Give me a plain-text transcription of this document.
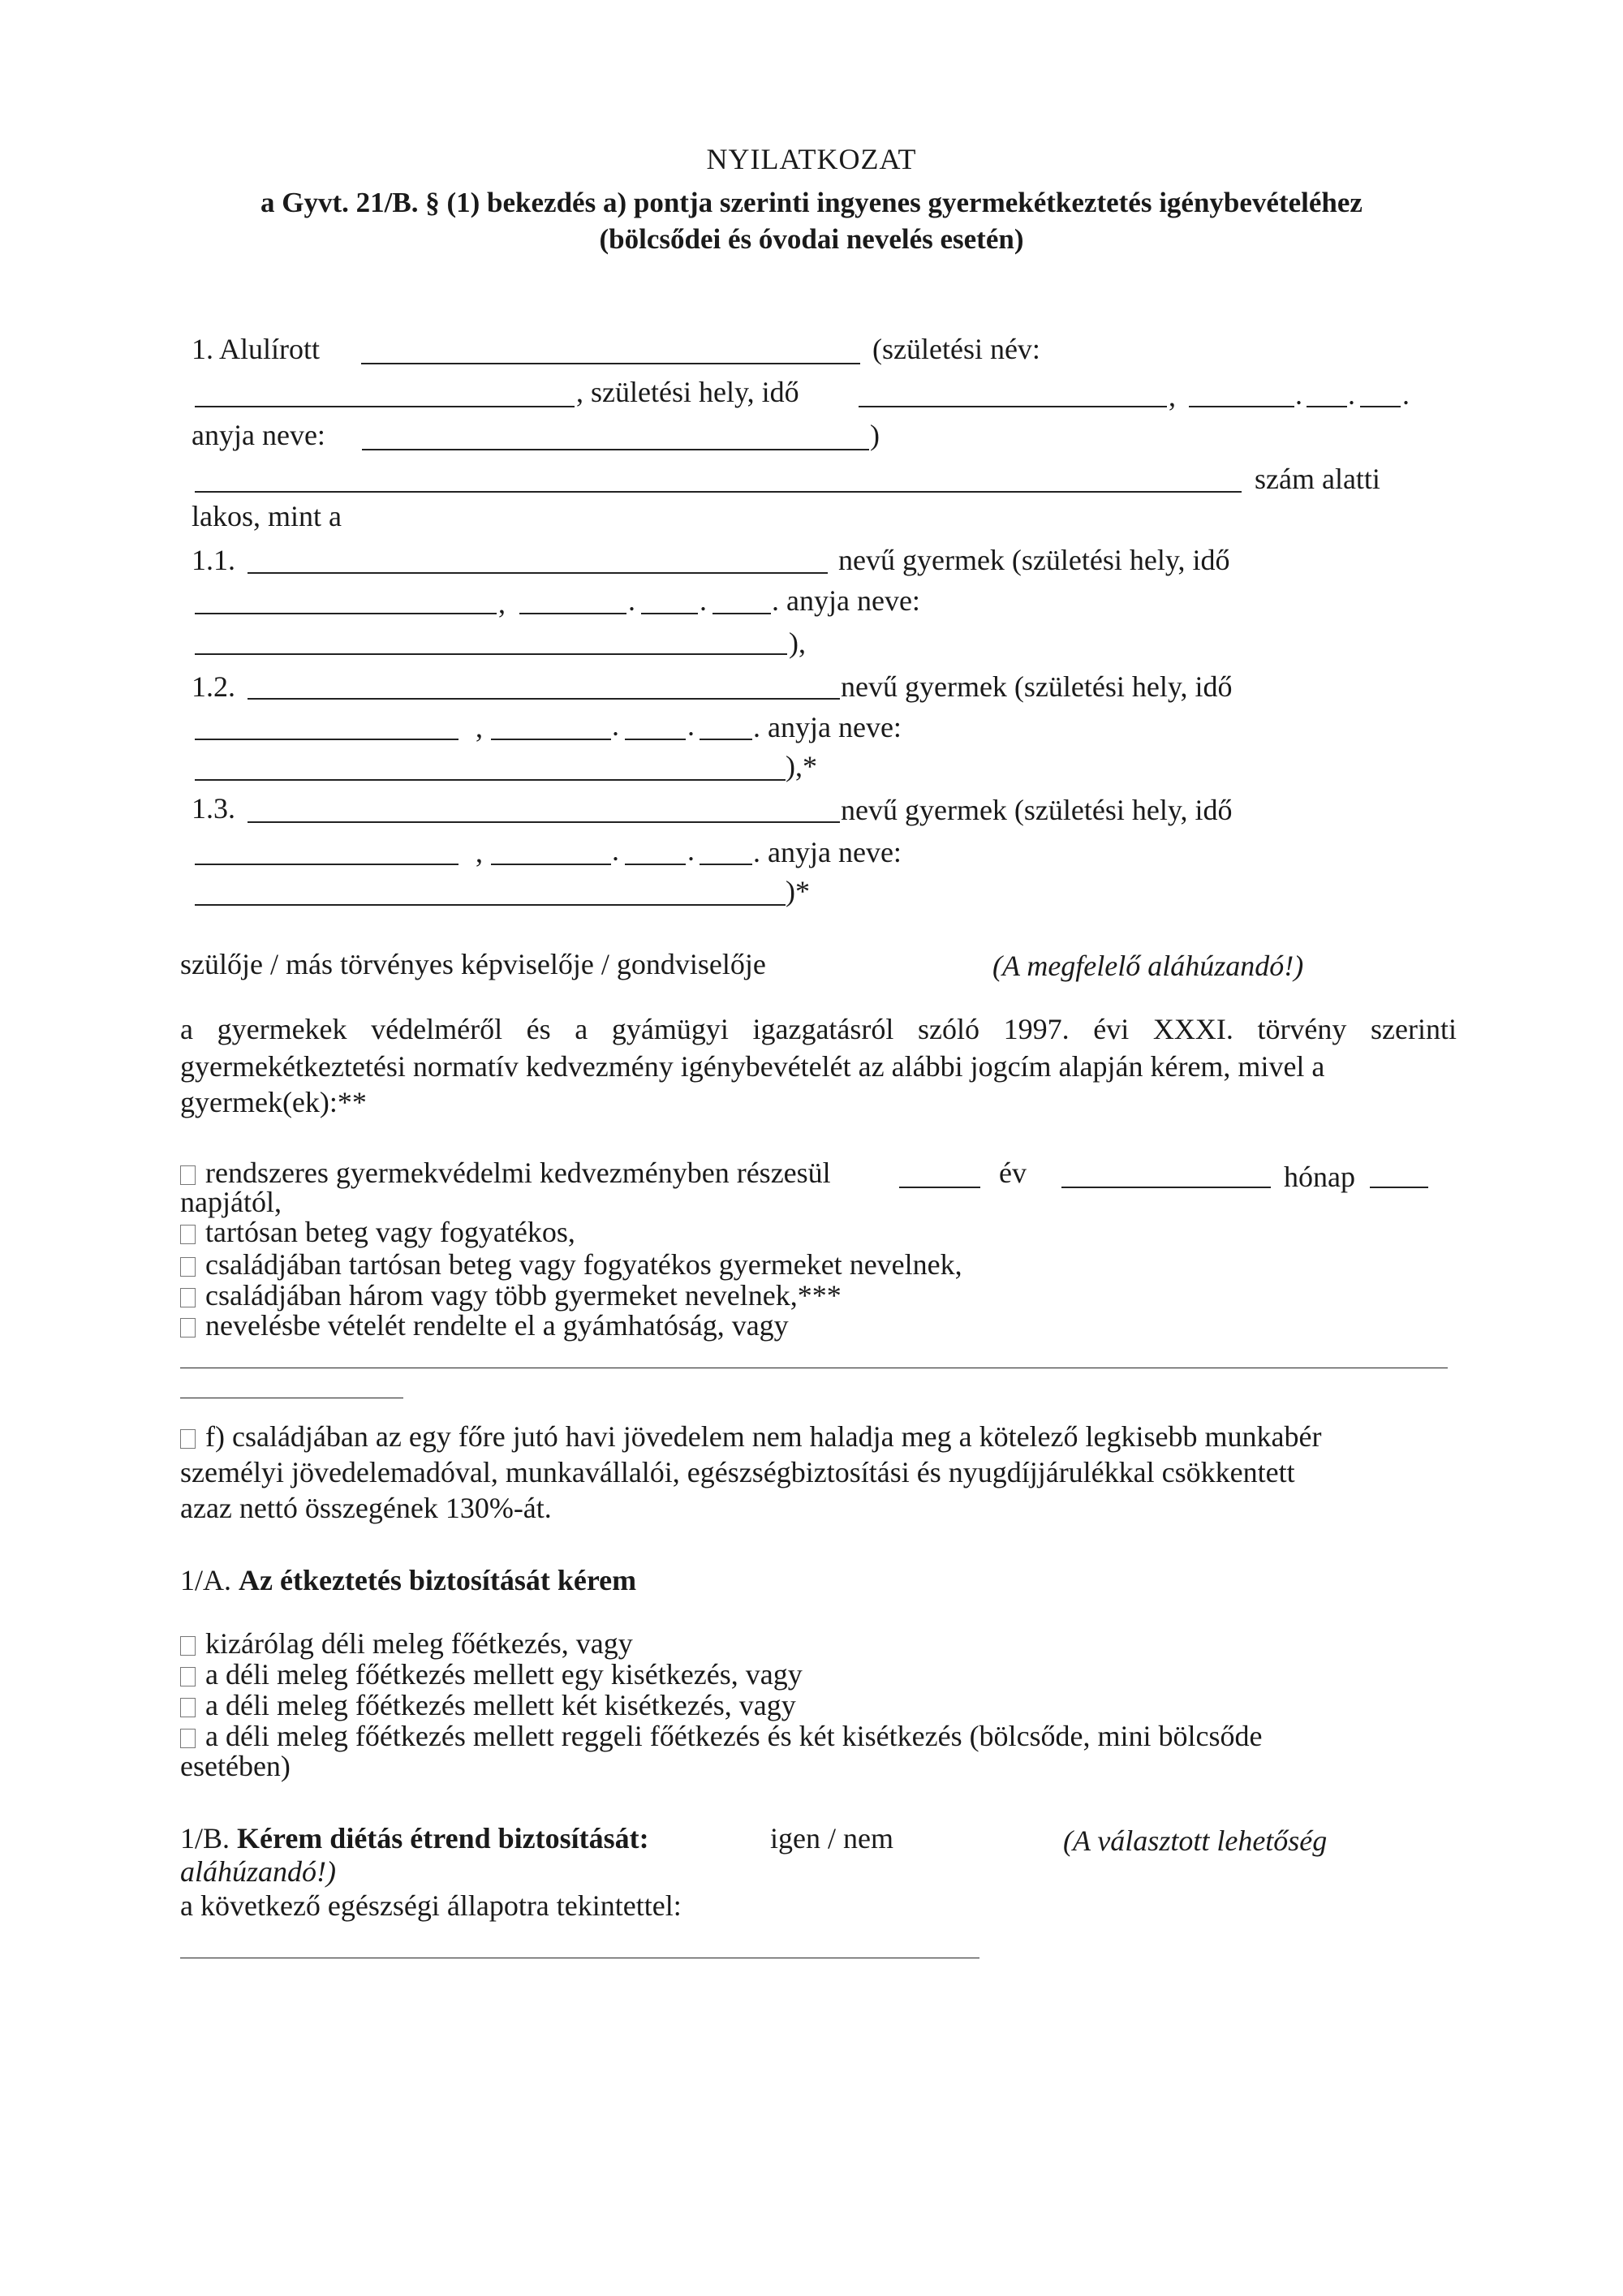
NYILATKOZAT
a Gyvt. 21/B. § (1) bekezdés a) pontja szerinti ingyenes gyermekétkeztetés igénybevételéhez
(bölcsődei és óvodai nevelés esetén)
1. Alulírott	(születési név:
, születési hely, idő	,	. . .
anyja neve:	)
szám alatti
lakos, mint a
1.1.	nevű gyermek (születési hely, idő
,	. . . anyja neve:
),
1.2.	nevű gyermek (születési hely, idő
,	. . . anyja neve:
),*
1.3.	nevű gyermek (születési hely, idő
,	. . . anyja neve:
)*
szülője / más törvényes képviselője / gondviselője	(A megfelelő aláhúzandó!)
a gyermekek védelméről és a gyámügyi igazgatásról szóló 1997. évi XXXI. törvény szerinti
gyermekétkeztetési normatív kedvezmény igénybevételét az alábbi jogcím alapján kérem, mivel a
gyermek(ek):**
rendszeres gyermekvédelmi kedvezményben részesül	év	hónap
napjától,
tartósan beteg vagy fogyatékos,
családjában tartósan beteg vagy fogyatékos gyermeket nevelnek,
családjában három vagy több gyermeket nevelnek,***
nevelésbe vételét rendelte el a gyámhatóság, vagy
f) családjában az egy főre jutó havi jövedelem nem haladja meg a kötelező legkisebb munkabér
személyi jövedelemadóval, munkavállalói, egészségbiztosítási és nyugdíjjárulékkal csökkentett
azaz nettó összegének 130%-át.
1/A. Az étkeztetés biztosítását kérem
kizárólag déli meleg főétkezés, vagy
a déli meleg főétkezés mellett egy kisétkezés, vagy
a déli meleg főétkezés mellett két kisétkezés, vagy
a déli meleg főétkezés mellett reggeli főétkezés és két kisétkezés (bölcsőde, mini bölcsőde
esetében)
1/B. Kérem diétás étrend biztosítását:	igen / nem	(A választott lehetőség
aláhúzandó!)
a következő egészségi állapotra tekintettel:
